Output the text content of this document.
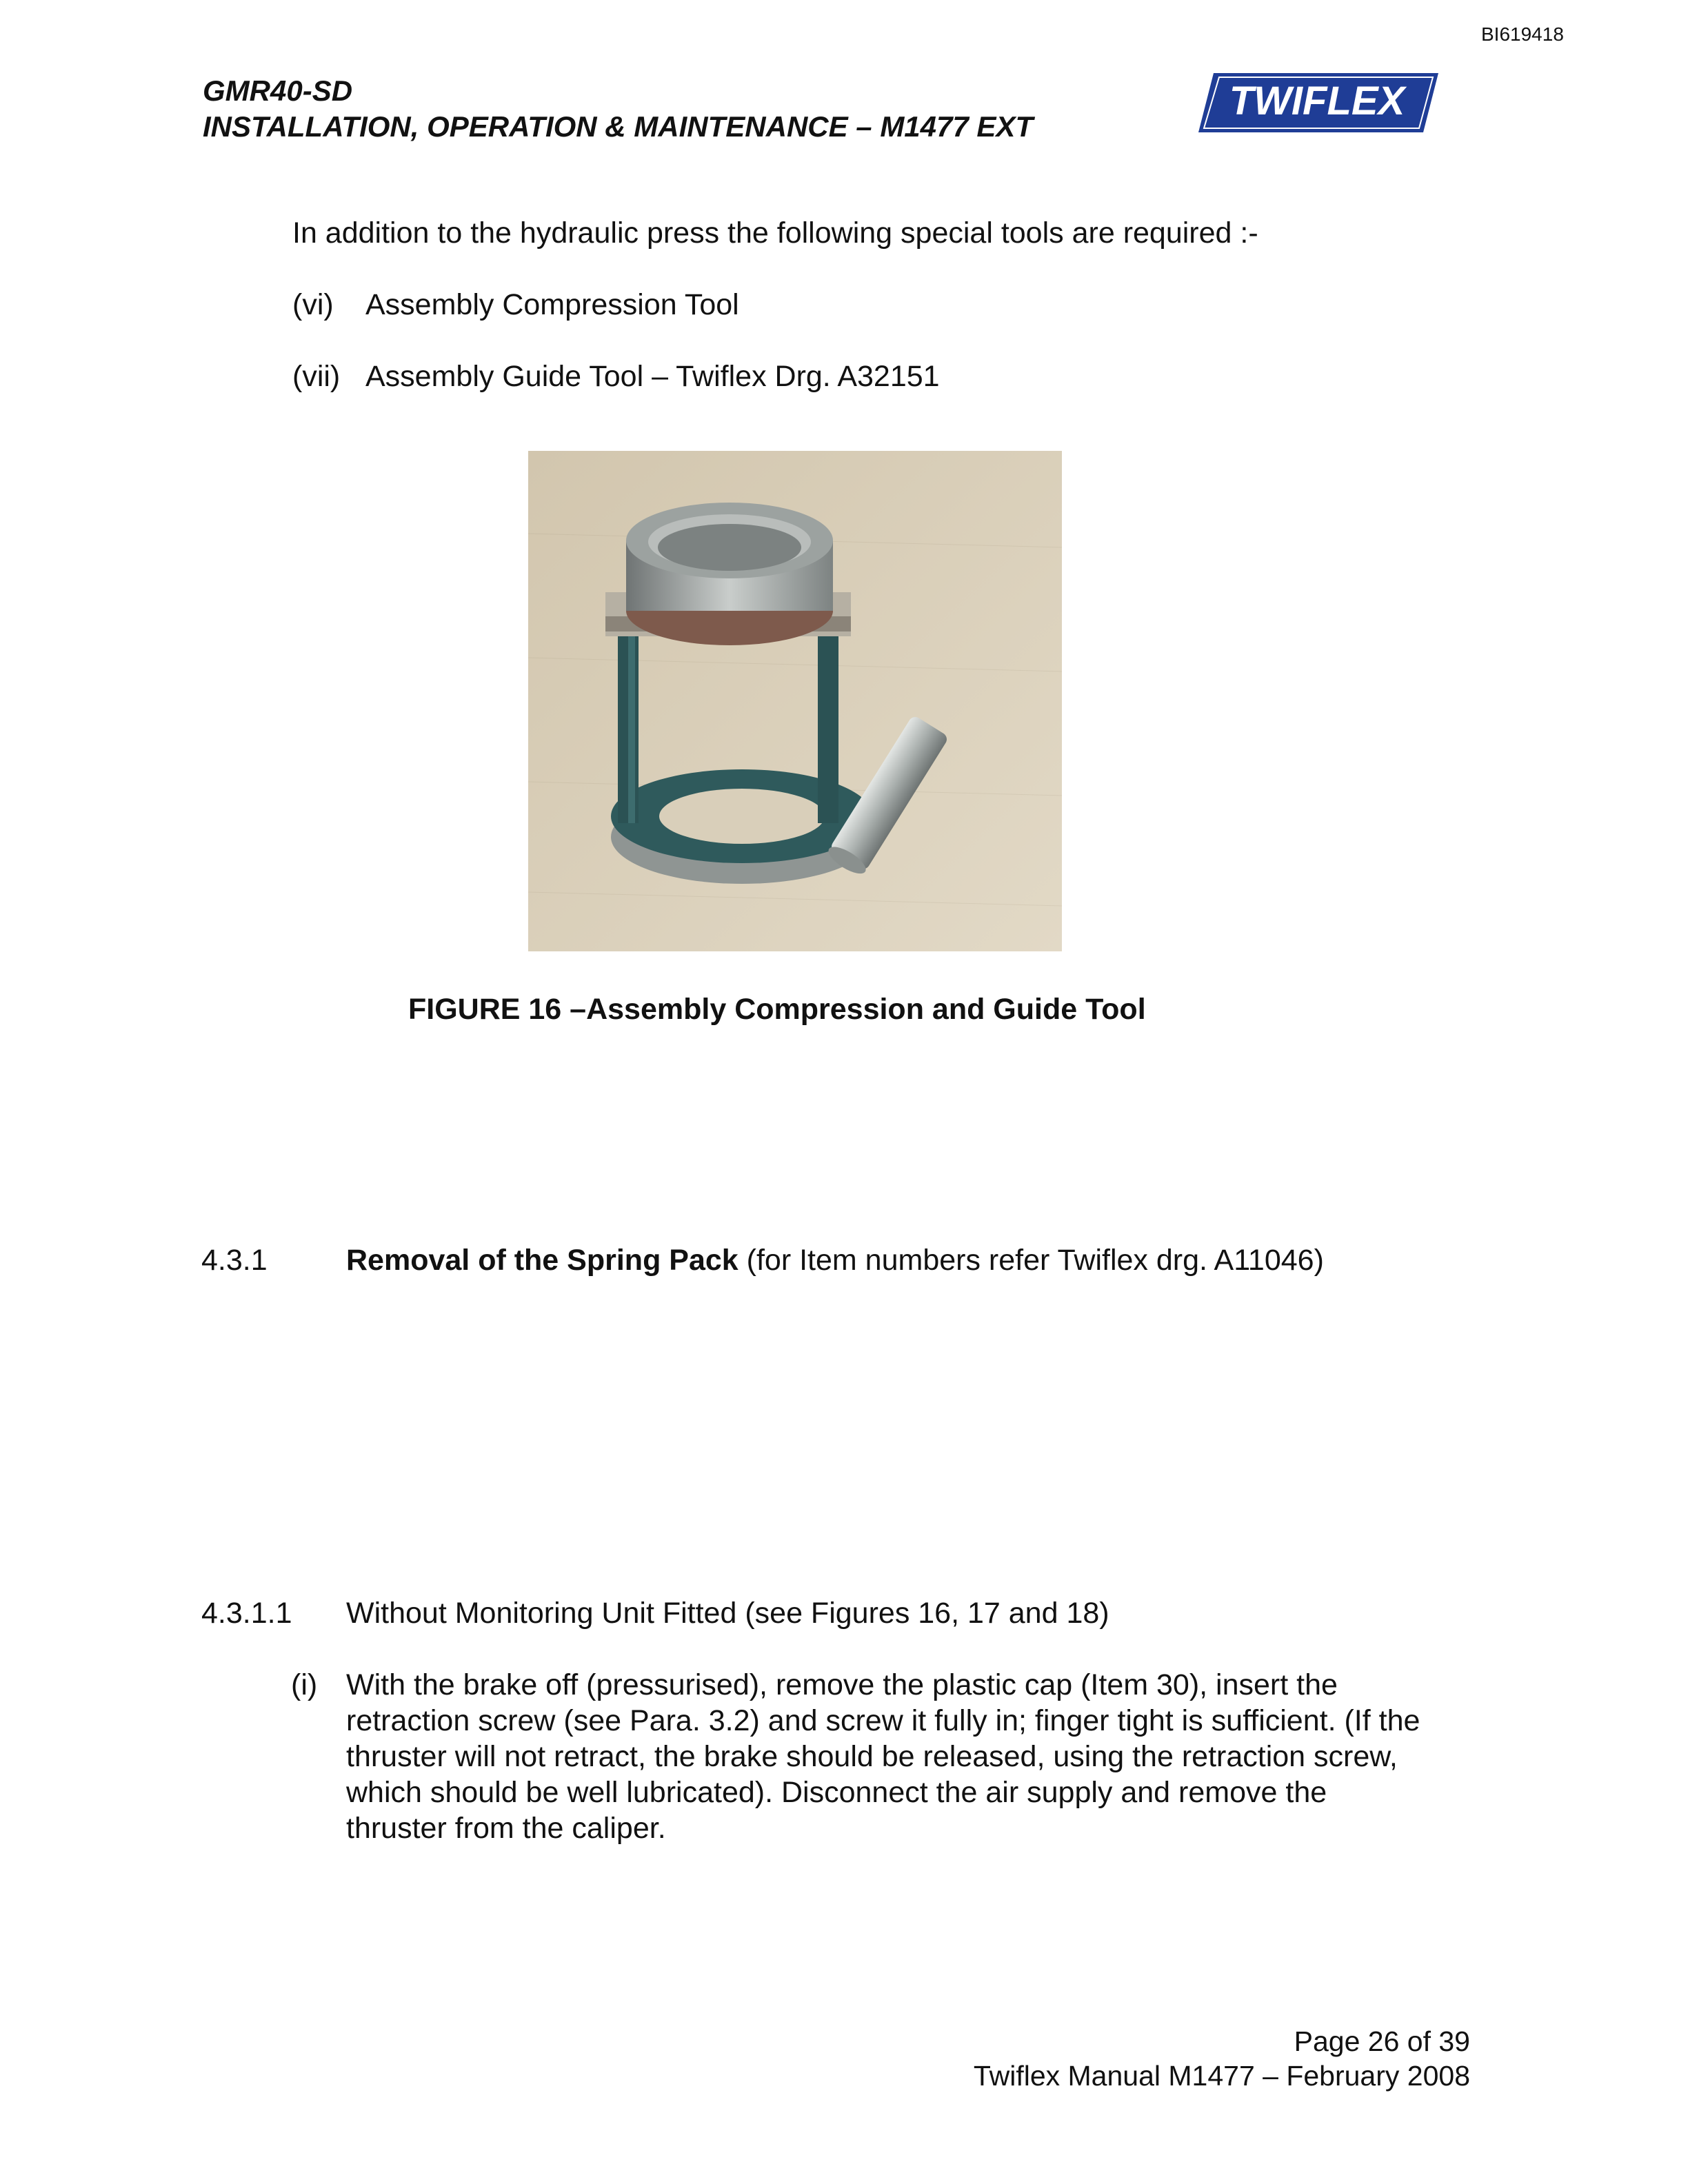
BI619418
GMR40-SD
INSTALLATION, OPERATION & MAINTENANCE – M1477 EXT
TWIFLEX
In addition to the hydraulic press the following special tools are required :-
(vi) Assembly Compression Tool
(vii) Assembly Guide Tool – Twiflex Drg. A32151
FIGURE 16 –Assembly Compression and Guide Tool
4.3.1	Removal of the Spring Pack (for Item numbers refer Twiflex drg. A11046)
4.3.1.1 Without Monitoring Unit Fitted (see Figures 16, 17 and 18)
(i) With the brake off (pressurised), remove the plastic cap (Item 30), insert the
retraction screw (see Para. 3.2) and screw it fully in; finger tight is sufficient. (If the
thruster will not retract, the brake should be released, using the retraction screw,
which should be well lubricated). Disconnect the air supply and remove the
thruster from the caliper.
Page 26 of 39
Twiflex Manual M1477 – February 2008
